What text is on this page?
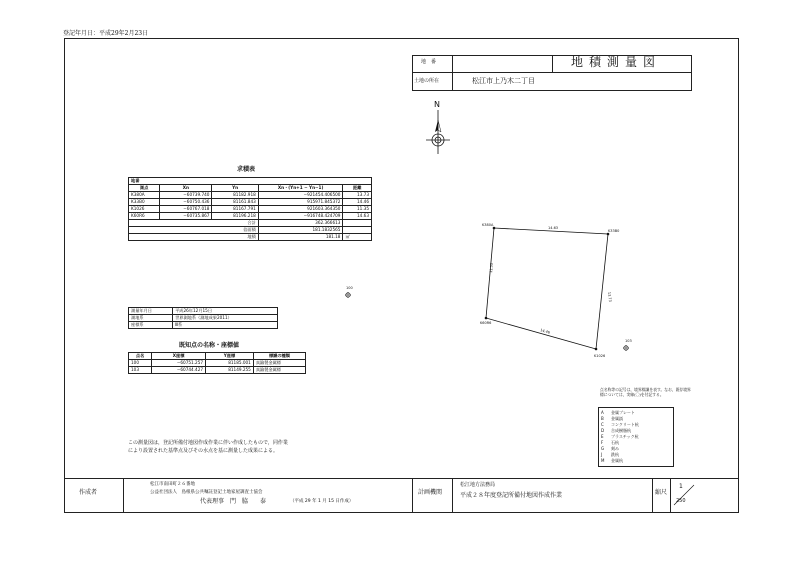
登記年月日：平成29年2月23日
地　番
土地の所在	松江市上乃木二丁目
地積測量図
N
求積表
地番				
測点	Xn	Yn	Xn・(Yn+1 − Yn−1)	距離
K380A	−60739.740	81182.918	−921454.406500	13.73
K33B0	−60750.436	81161.843	915971.845372	14.46
K1026	−60767.018	81167.791	921603.364350	11.35
K60R6	−60735.867	81196.218	−916748.424709	14.63
合計			362.366613	
倍面積			181.1832565	
地積			181.18	㎡
測量年月日	平成26年12月15日
測地系	世界測地系（測地成果2011）
座標系	Ⅲ系
既知点の名称・座標値
点名	X座標	Y座標	標識の種類
100	−60751.257	81185.001	真鍮製金属標
103	−60744.427	81149.255	真鍮製金属標
100
K380A
K33B0
K1026
K60R6
14.63
13.73
14.46
11.35
103
点名称等の記号は，境界標識を表す。なお，既存境界標については，実線(〇)を付記する。
A 金属プレート
B 金属鋲
C コンクリート杭
D 合成樹脂杭
E プラスチック杭
F 石杭
G 刻み
J 鉄杭
M 金属杭
この測量図は，登記所備付地図作成作業に伴い作成したもので，同作業
により設置された基準点及びその水点を基に測量した成果による。
作成者
松江市南田町２６番地
公益社団法人　島根県公共嘱託登記土地家屋調査士協会
代表理事　門　脇　　泰	（平成 29 年 1 月 15 日作成）
計画機関
松江地方法務局
平成２８年度登記所備付地図作成作業	縮尺
1
250
